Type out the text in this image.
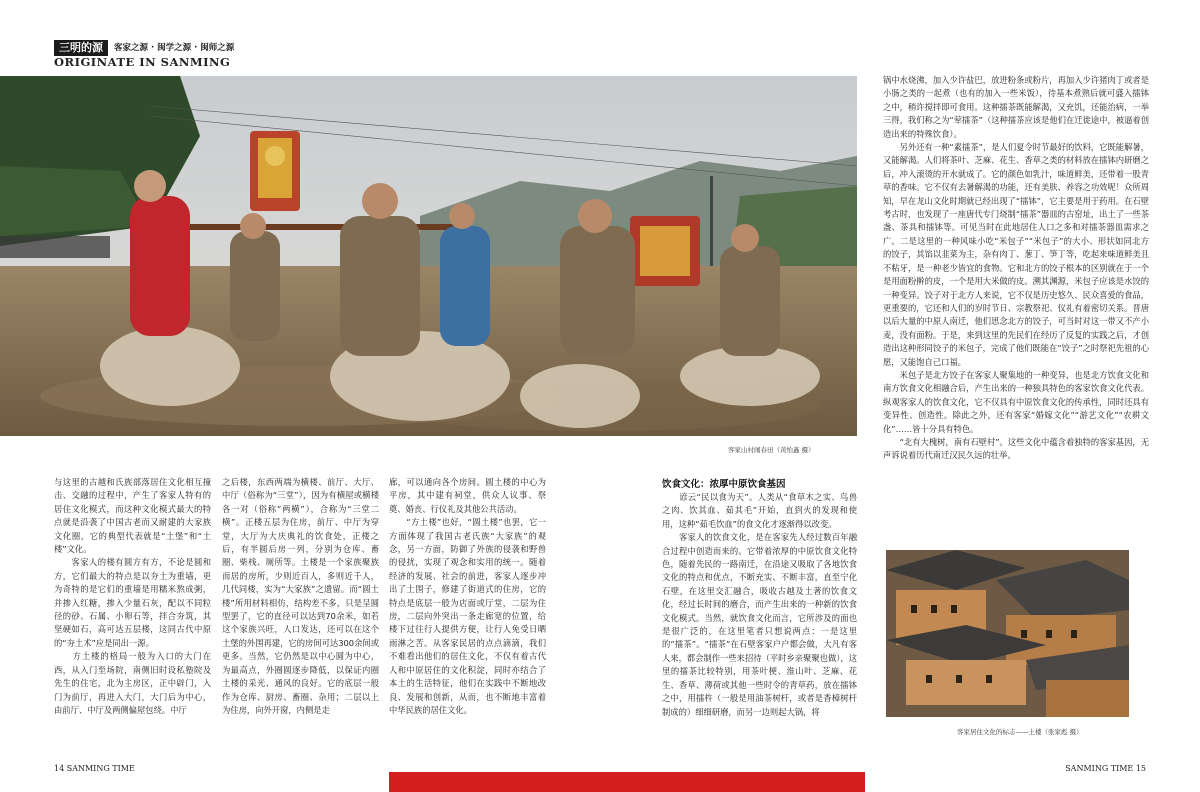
三明的源	客家之源 · 闽学之源 · 闽师之源
ORIGINATE IN SANMING
客家山村闹春田（黄怡鑫 摄）
与这里的古越和氏族部落居住文化相互撞击、交融的过程中，产生了客家人特有的居住文化模式，而这种文化模式最大的特点就是沿袭了中国古老而又耐建的大家族文化圈，它的典型代表就是“土堡”和“土楼”文化。
　　客家人的楼有圆方有方，不论是圆和方，它们最大的特点是以夯土为重墙，更为奇特的是它们的重墙是用糯米熬成粥，并掺入红糖，掺入少量石灰，配以不同粒径的砂、石属、小卵石等，拌合夯筑，其坚硬如石，高可达五层楼，这同古代中原的“夯土术”应是同出一源。
　　方土楼的格局一般为入口的大门在西，从入门至场院，南侧旧时设私塾院及先生的住宅，北为主房区，正中辟门，入门为前厅，再进入大门，大门后为中心，由前厅、中厅及两侧偏屋包绕。中厅
之后楼，东西两端为横楼、前厅、大厅、中厅（俗称为“三堂”），因为有横屋或横楼各一对（俗称“两横”），合称为“三堂二横”。正楼五层为住房，前厅、中厅为穿堂，大厅为大庆典礼的饮食处，正楼之后，有半圆后房一列，分别为仓库、畜圈、柴栈、厕所等。土楼是一个家族聚族而居的房所，少则近百人，多则近千人，几代同楼，实为“大家族”之遗留。而“圆土楼”所用材料相仿，结构差不多，只是呈圆型罢了，它的直径可以达到70余米，如若这个家族兴旺，人口发达，还可以在这个土堡的外围再建，它的房间可达300余间或更多。当然，它仍然是以中心圆为中心，为最高点，外圈圆逐步降低，以保证内圈土楼的采光、通风的良好。它的底层一般作为仓库、厨房、畜圈、杂用；二层以上为住房，向外开窗，内侧是走
廊，可以通向各个房间。圆土楼的中心为平房，其中建有祠堂，供众人议事、祭奠、婚丧、行仪礼及其他公共活动。
　　“方土楼”也好，“圆土楼”也罢，它一方面体现了我国古老氏族“大家族”的观念，另一方面，防御了外族的侵袭和野兽的侵扰，实现了观念和实用的统一。随着经济的发展、社会的前进，客家人逐步冲出了土围子，修建了街道式的住房，它的特点是底层一般为店面或厅堂，二层为住房，二层向外突出一条走廊宽的位置，给楼下过往行人提供方便，让行人免受日晒雨淋之苦。从客家民居的点点滴滴，我们不难看出他们的居住文化，不仅有着古代人和中原居住的文化积淀，同时亦结合了本土的生活特征，他们在实践中不断地改良、发展和创新，从而，也不断地丰富着中华民族的居住文化。
饮食文化：浓厚中原饮食基因
　　谚云“民以食为天”。人类从“食草木之实、鸟兽之肉、饮其血、茹其毛”开始，直到火的发现和使用，这种“茹毛饮血”的食文化才逐渐得以改变。
　　客家人的饮食文化，是在客家先人经过数百年融合过程中创造而来的。它带着浓厚的中原饮食文化特色，随着先民的一路南迁，在沿途又吸取了各地饮食文化的特点和优点，不断充实、不断丰富，直至宁化石壁，在这里交汇融合，吸收古越及土著的饮食文化，经过长时间的磨合，而产生出来的一种新的饮食文化模式。当然，就饮食文化而言，它所涉及的面也是很广泛的，在这里笔者只想说两点：一是这里的“擂茶”。“擂茶”在石壁客家户户都会做，大凡有客人来，都会制作一些来招待（平时乡亲聚聚也做），这里的擂茶比较特别，用茶叶梗、淮山叶、芝麻、花生、香草、薄荷或其他一些时令的青草药，放在擂钵之中，用擂杵（一般是用油茶树杆，或者是香樟树杆制成的）细细研磨，而另一边则起大锅，将
锅中水烧沸，加入少许盐巴，放进粉条或粉片，再加入少许猪肉丁或者是小肠之类的一起煮（也有的加入一些米饭），待基本煮熟后就可盛入擂钵之中，稍许搅拌即可食用。这种擂茶既能解渴，又充饥，还能治病，一举三得，我们称之为“荤擂茶”（这种擂茶应该是他们在迁徙途中，被逼着创造出来的特殊饮食）。
　　另外还有一种“素擂茶”，是人们夏令时节最好的饮料，它既能解暑，又能解渴。人们将茶叶、芝麻、花生、香草之类的材料放在擂钵内研磨之后，冲入滚烫的开水就成了。它的颜色如乳汁，味道鲜美，还带着一股青草的香味。它不仅有去暑解渴的功能，还有美肤、养容之功效呢！众所周知，早在龙山文化时期就已经出现了“擂钵”，它主要是用于药用。在石壁考古时，也发现了一座唐代专门烧制“擂茶”器皿的古窑址，出土了一些茶盏、茶具和擂钵等。可见当时在此地居住人口之多和对擂茶器皿需求之广。二是这里的一种风味小吃“米包子”“米包子”的大小、形状如同北方的饺子，其馅以韭菜为主，杂有肉丁、葱丁、笋丁等，吃起来味道鲜美且不粘牙，是一种老少皆宜的食物。它和北方的饺子根本的区别就在于一个是用面粉擀的皮，一个是用大米做的皮。溯其渊源，米包子应该是水饺的一种变异。饺子对于北方人来说，它不仅是历史悠久、民众喜爱的食品，更重要的，它还和人们的岁时节日、宗教祭祀、仪礼有着密切关系。晋唐以后大量的中原人南迁，他们思念北方的饺子，可当时对这一带又不产小麦，没有面粉。于是，来到这里的先民们在经历了反复的实践之后，才创造出这种形同饺子的米包子，完成了他们既能在“饺子”之时祭祀先祖的心愿，又能饱自己口福。
　　米包子是北方饺子在客家人聚集地的一种变异，也是北方饮食文化和南方饮食文化相融合后，产生出来的一种独具特色的客家饮食文化代表。纵观客家人的饮食文化，它不仅具有中原饮食文化的传承性，同时还具有变异性、创造性。除此之外，还有客家“婚嫁文化”“游艺文化”“农耕文化”……皆十分具有特色。
　　“北有大槐树，南有石壁村”。这些文化中蕴含着独特的客家基因，无声诉说着历代南迁汉民久远的壮举。
客家居住文化的标志——土楼（张家彪 摄）
14 SANMING TIME	SANMING TIME 15
